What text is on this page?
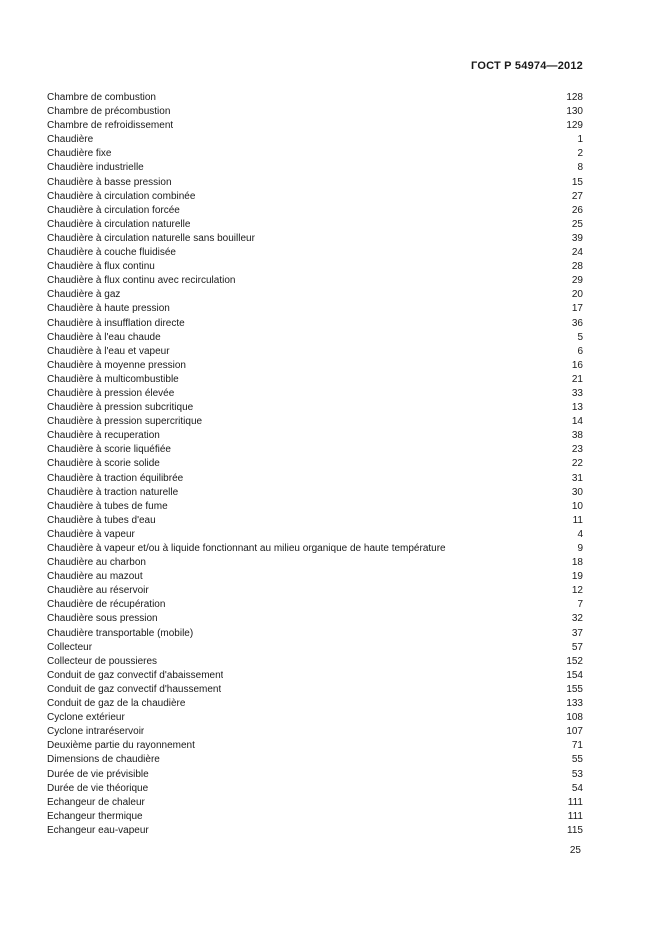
ГОСТ Р 54974—2012
Chambre de combustion	128
Chambre de précombustion	130
Chambre de refroidissement	129
Chaudière	1
Chaudière fixe	2
Chaudière industrielle	8
Chaudière à basse pression	15
Chaudière à circulation combinée	27
Chaudière à circulation forcée	26
Chaudière à circulation naturelle	25
Chaudière à circulation naturelle sans bouilleur	39
Chaudière à couche fluidisée	24
Chaudière à flux continu	28
Chaudière à flux continu avec recirculation	29
Chaudière à gaz	20
Chaudière à haute pression	17
Chaudière à insufflation directe	36
Chaudière à l'eau chaude	5
Chaudière à l'eau et vapeur	6
Chaudière à moyenne pression	16
Chaudière à multicombustible	21
Chaudière à pression élevée	33
Chaudière à pression subcritique	13
Chaudière à pression supercritique	14
Chaudière à recuperation	38
Chaudière à scorie liquéfiée	23
Chaudière à scorie solide	22
Chaudière à traction équilibrée	31
Chaudière à traction naturelle	30
Chaudière à tubes de fume	10
Chaudière à tubes d'eau	11
Chaudière à vapeur	4
Chaudière à vapeur et/ou à liquide fonctionnant au milieu organique de haute température	9
Chaudière au charbon	18
Chaudière au mazout	19
Chaudière au réservoir	12
Chaudière de récupération	7
Chaudière sous pression	32
Chaudière transportable (mobile)	37
Collecteur	57
Collecteur de poussieres	152
Conduit de gaz convectif d'abaissement	154
Conduit de gaz convectif d'haussement	155
Conduit de gaz de la chaudière	133
Cyclone extérieur	108
Cyclone intraréservoir	107
Deuxième partie du rayonnement	71
Dimensions de chaudière	55
Durée de vie prévisible	53
Durée de vie théorique	54
Echangeur de chaleur	111
Echangeur thermique	111
Echangeur eau-vapeur	115
25
